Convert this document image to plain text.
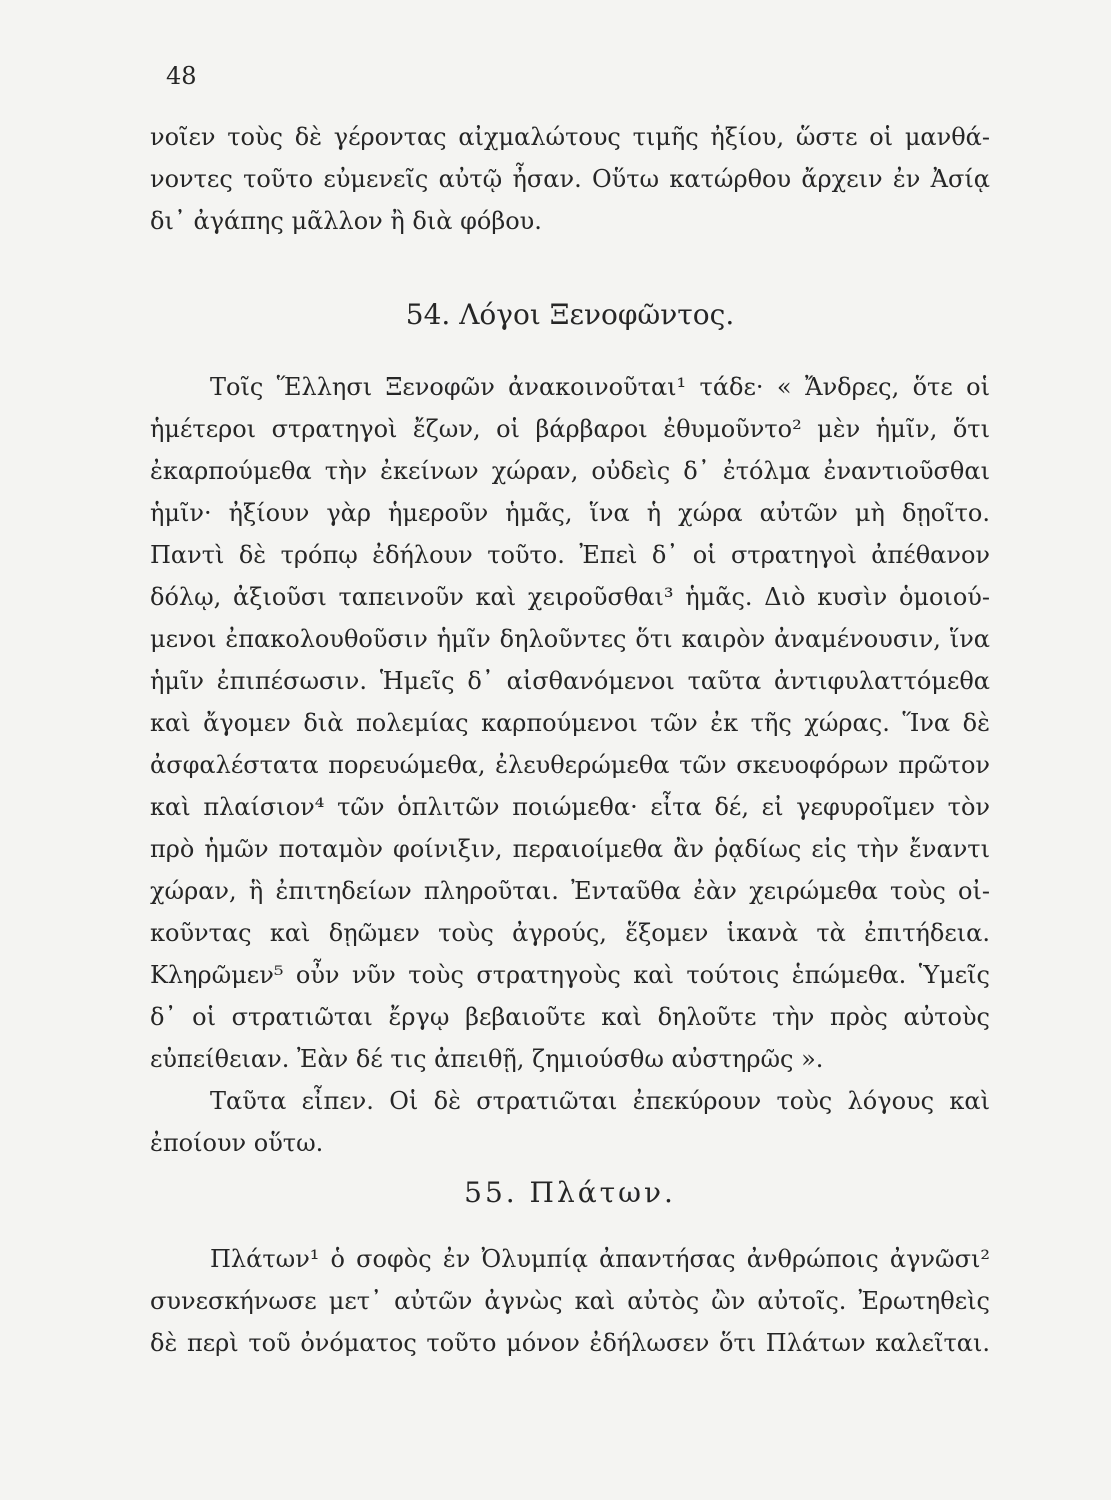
48
νοῖεν τοὺς δὲ γέροντας αἰχμαλώτους τιμῆς ἠξίου, ὥστε οἱ μανθά-
νοντες τοῦτο εὐμενεῖς αὐτῷ ἦσαν. Οὕτω κατώρθου ἄρχειν ἐν Ἀσίᾳ
δι᾽ ἀγάπης μᾶλλον ἢ διὰ φόβου.
54. Λόγοι Ξενοφῶντος.
Τοῖς Ἕλλησι Ξενοφῶν ἀνακοινοῦται¹ τάδε· « Ἄνδρες, ὅτε οἱ
ἡμέτεροι στρατηγοὶ ἔζων, οἱ βάρβαροι ἐθυμοῦντο² μὲν ἡμῖν, ὅτι
ἐκαρπούμεθα τὴν ἐκείνων χώραν, οὐδεὶς δ᾽ ἐτόλμα ἐναντιοῦσθαι
ἡμῖν· ἠξίουν γὰρ ἡμεροῦν ἡμᾶς, ἵνα ἡ χώρα αὐτῶν μὴ δῃοῖτο.
Παντὶ δὲ τρόπῳ ἐδήλουν τοῦτο. Ἐπεὶ δ᾽ οἱ στρατηγοὶ ἀπέθανον
δόλῳ, ἀξιοῦσι ταπεινοῦν καὶ χειροῦσθαι³ ἡμᾶς. Διὸ κυσὶν ὁμοιού-
μενοι ἐπακολουθοῦσιν ἡμῖν δηλοῦντες ὅτι καιρὸν ἀναμένουσιν, ἵνα
ἡμῖν ἐπιπέσωσιν. Ἡμεῖς δ᾽ αἰσθανόμενοι ταῦτα ἀντιφυλαττόμεθα
καὶ ἄγομεν διὰ πολεμίας καρπούμενοι τῶν ἐκ τῆς χώρας. Ἵνα δὲ
ἀσφαλέστατα πορευώμεθα, ἐλευθερώμεθα τῶν σκευοφόρων πρῶτον
καὶ πλαίσιον⁴ τῶν ὁπλιτῶν ποιώμεθα· εἶτα δέ, εἰ γεφυροῖμεν τὸν
πρὸ ἡμῶν ποταμὸν φοίνιξιν, περαιοίμεθα ἂν ῥᾳδίως εἰς τὴν ἔναντι
χώραν, ἣ ἐπιτηδείων πληροῦται. Ἐνταῦθα ἐὰν χειρώμεθα τοὺς οἰ-
κοῦντας καὶ δῃῶμεν τοὺς ἀγρούς, ἕξομεν ἱκανὰ τὰ ἐπιτήδεια.
Κληρῶμεν⁵ οὖν νῦν τοὺς στρατηγοὺς καὶ τούτοις ἑπώμεθα. Ὑμεῖς
δ᾽ οἱ στρατιῶται ἔργῳ βεβαιοῦτε καὶ δηλοῦτε τὴν πρὸς αὐτοὺς
εὐπείθειαν. Ἐὰν δέ τις ἀπειθῇ, ζημιούσθω αὐστηρῶς ».
Ταῦτα εἶπεν. Οἱ δὲ στρατιῶται ἐπεκύρουν τοὺς λόγους καὶ
ἐποίουν οὕτω.
55. Πλάτων.
Πλάτων¹ ὁ σοφὸς ἐν Ὀλυμπίᾳ ἀπαντήσας ἀνθρώποις ἀγνῶσι²
συνεσκήνωσε μετ᾽ αὐτῶν ἀγνὼς καὶ αὐτὸς ὢν αὐτοῖς. Ἐρωτηθεὶς
δὲ περὶ τοῦ ὀνόματος τοῦτο μόνον ἐδήλωσεν ὅτι Πλάτων καλεῖται.
